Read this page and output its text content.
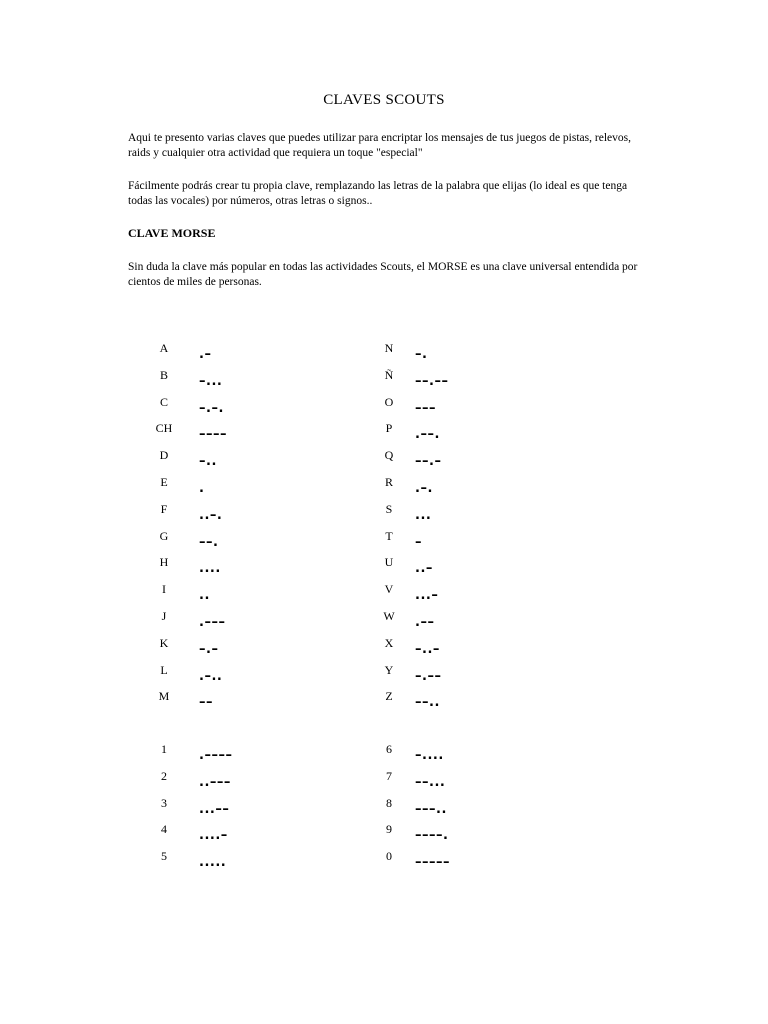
CLAVES SCOUTS
Aqui te presento varias claves que puedes utilizar para encriptar los mensajes de tus juegos de pistas, relevos, raids y cualquier otra actividad que requiera un toque "especial"
Fácilmente podrás crear tu propia clave, remplazando las letras de la palabra que elijas (lo ideal es que tenga todas las vocales) por números, otras letras o signos..
CLAVE MORSE
Sin duda la clave más popular en todas las actividades Scouts, el MORSE es una clave universal entendida por cientos de miles de personas.
A	.–
B	–...
C	–.–.
CH	––––
D	–..
E	.
F	..–.
G	––.
H	....
I	..
J	.–––
K	–.–
L	.–..
M	––
N	–.
Ñ	––.––
O	–––
P	.––.
Q	––.–
R	.–.
S	...
T	–
U	..–
V	...–
W	.––
X	–..–
Y	–.––
Z	––..
1	.––––
2	..–––
3	...––
4	....–
5	.....
6	–....
7	––...
8	–––..
9	––––.
0	–––––
